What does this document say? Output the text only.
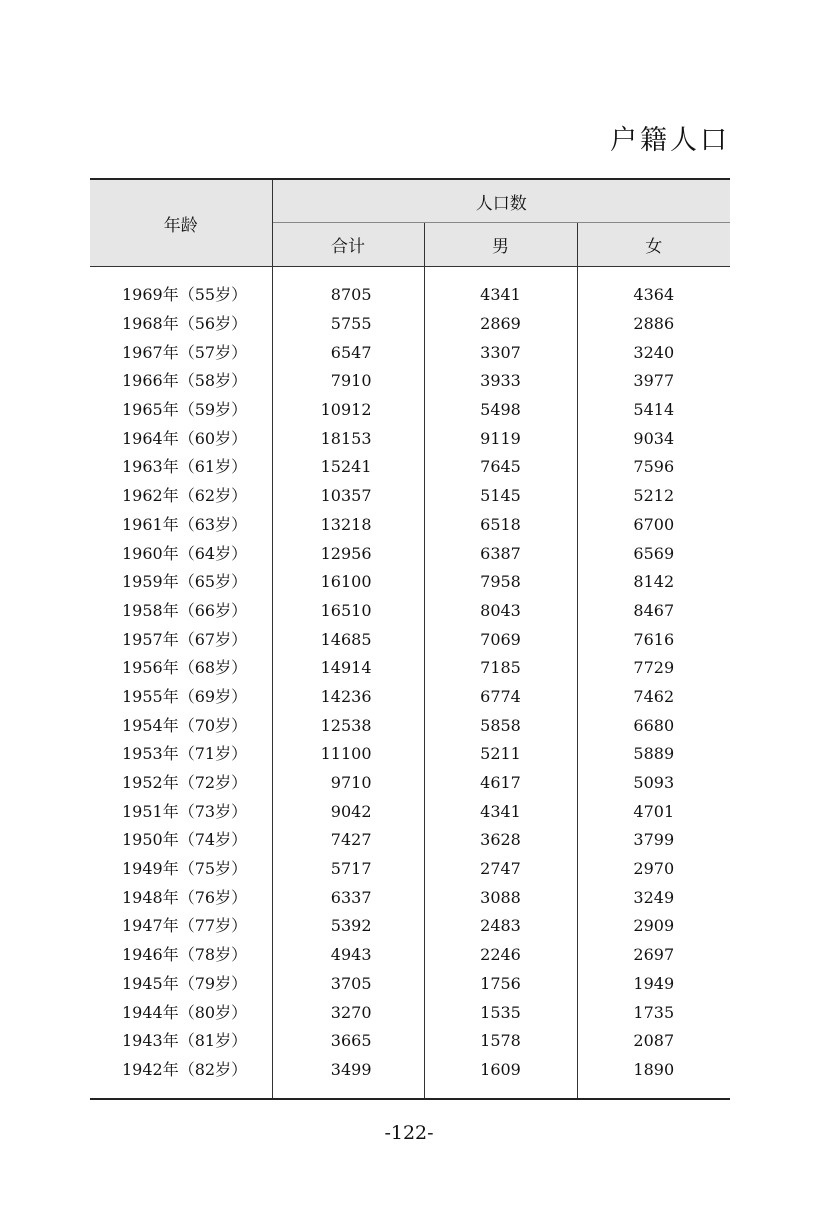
户籍人口
年龄	人口数		
	合计	男	女
1969年（55岁）	8705	4341	4364
1968年（56岁）	5755	2869	2886
1967年（57岁）	6547	3307	3240
1966年（58岁）	7910	3933	3977
1965年（59岁）	10912	5498	5414
1964年（60岁）	18153	9119	9034
1963年（61岁）	15241	7645	7596
1962年（62岁）	10357	5145	5212
1961年（63岁）	13218	6518	6700
1960年（64岁）	12956	6387	6569
1959年（65岁）	16100	7958	8142
1958年（66岁）	16510	8043	8467
1957年（67岁）	14685	7069	7616
1956年（68岁）	14914	7185	7729
1955年（69岁）	14236	6774	7462
1954年（70岁）	12538	5858	6680
1953年（71岁）	11100	5211	5889
1952年（72岁）	9710	4617	5093
1951年（73岁）	9042	4341	4701
1950年（74岁）	7427	3628	3799
1949年（75岁）	5717	2747	2970
1948年（76岁）	6337	3088	3249
1947年（77岁）	5392	2483	2909
1946年（78岁）	4943	2246	2697
1945年（79岁）	3705	1756	1949
1944年（80岁）	3270	1535	1735
1943年（81岁）	3665	1578	2087
1942年（82岁）	3499	1609	1890
-122-
